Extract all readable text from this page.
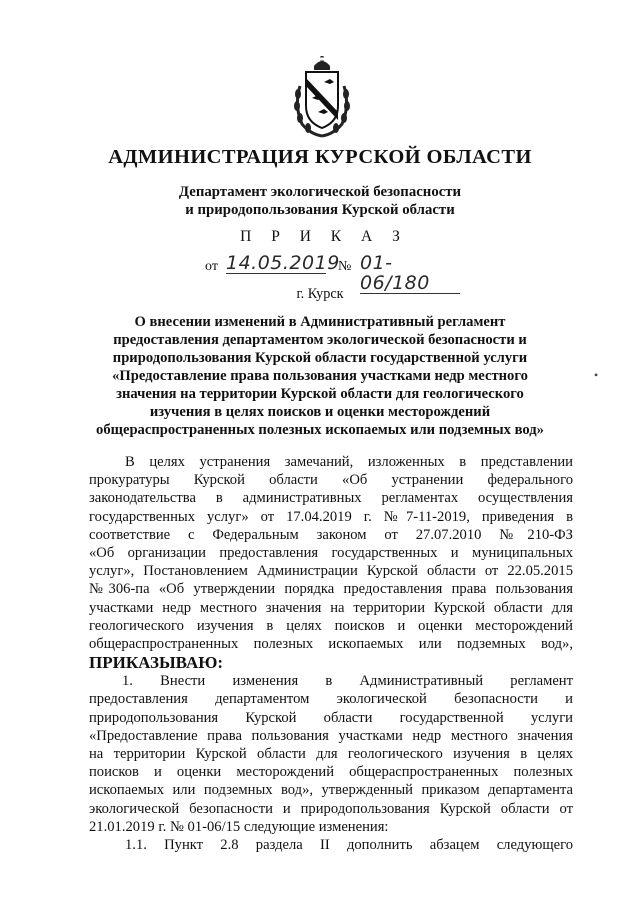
АДМИНИСТРАЦИЯ КУРСКОЙ ОБЛАСТИ
Департамент экологической безопасности
и природопользования Курской области
П Р И К А З
от 14.05.2019
№ 01-06/180
г. Курск
О внесении изменений в Административный регламент
предоставления департаментом экологической безопасности и
природопользования Курской области государственной услуги
«Предоставление права пользования участками недр местного
значения на территории Курской области для геологического
изучения в целях поисков и оценки месторождений
общераспространенных полезных ископаемых или подземных вод»
•
В целях устранения замечаний, изложенных в представлении
прокуратуры Курской области «Об устранении федерального
законодательства в административных регламентах осуществления
государственных услуг» от 17.04.2019 г. №7-11-2019, приведения в
соответствие с Федеральным законом от 27.07.2010 №210-ФЗ
«Об организации предоставления государственных и муниципальных
услуг», Постановлением Администрации Курской области от 22.05.2015
№306-па «Об утверждении порядка предоставления права пользования
участками недр местного значения на территории Курской области для
геологического изучения в целях поисков и оценки месторождений
общераспространенных полезных ископаемых или подземных вод»,
ПРИКАЗЫВАЮ:
1. Внести изменения в Административный регламент
предоставления департаментом экологической безопасности и
природопользования Курской области государственной услуги
«Предоставление права пользования участками недр местного значения
на территории Курской области для геологического изучения в целях
поисков и оценки месторождений общераспространенных полезных
ископаемых или подземных вод», утвержденный приказом департамента
экологической безопасности и природопользования Курской области от
21.01.2019 г. № 01-06/15 следующие изменения:
1.1. Пункт 2.8 раздела II дополнить абзацем следующего
